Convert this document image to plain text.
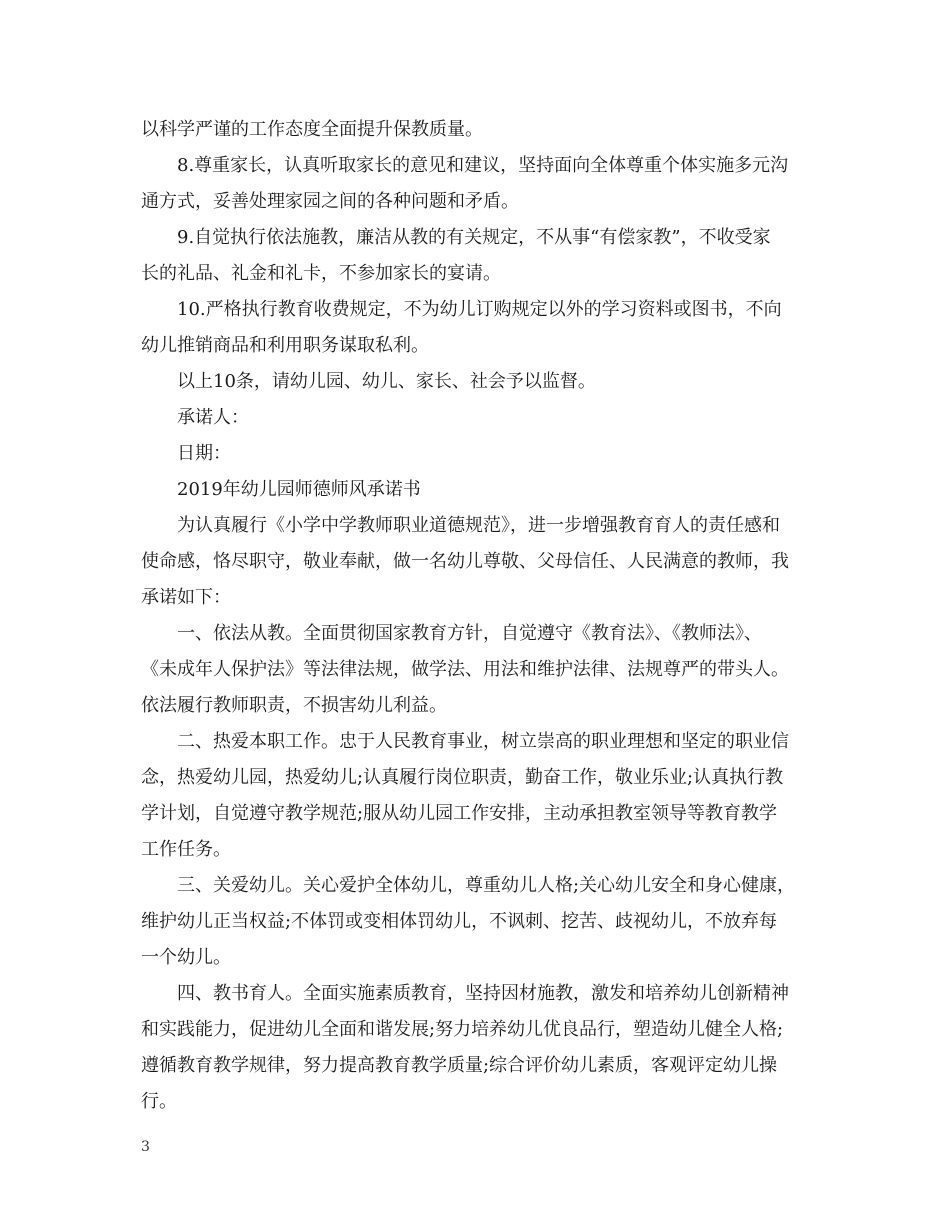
以科学严谨的工作态度全面提升保教质量。
8.尊重家长，认真听取家长的意见和建议，坚持面向全体尊重个体实施多元沟
通方式，妥善处理家园之间的各种问题和矛盾。
9.自觉执行依法施教，廉洁从教的有关规定，不从事“有偿家教”，不收受家
长的礼品、礼金和礼卡，不参加家长的宴请。
10.严格执行教育收费规定，不为幼儿订购规定以外的学习资料或图书，不向
幼儿推销商品和利用职务谋取私利。
以上10条，请幼儿园、幼儿、家长、社会予以监督。
承诺人：
日期：
2019年幼儿园师德师风承诺书
为认真履行《小学中学教师职业道德规范》，进一步增强教育育人的责任感和
使命感，恪尽职守，敬业奉献，做一名幼儿尊敬、父母信任、人民满意的教师，我
承诺如下：
一、依法从教。全面贯彻国家教育方针，自觉遵守《教育法》、《教师法》、
《未成年人保护法》等法律法规，做学法、用法和维护法律、法规尊严的带头人。
依法履行教师职责，不损害幼儿利益。
二、热爱本职工作。忠于人民教育事业，树立崇高的职业理想和坚定的职业信
念，热爱幼儿园，热爱幼儿;认真履行岗位职责，勤奋工作，敬业乐业;认真执行教
学计划，自觉遵守教学规范;服从幼儿园工作安排，主动承担教室领导等教育教学
工作任务。
三、关爱幼儿。关心爱护全体幼儿，尊重幼儿人格;关心幼儿安全和身心健康，
维护幼儿正当权益;不体罚或变相体罚幼儿，不讽刺、挖苦、歧视幼儿，不放弃每
一个幼儿。
四、教书育人。全面实施素质教育，坚持因材施教，激发和培养幼儿创新精神
和实践能力，促进幼儿全面和谐发展;努力培养幼儿优良品行，塑造幼儿健全人格;
遵循教育教学规律，努力提高教育教学质量;综合评价幼儿素质，客观评定幼儿操
行。
3
